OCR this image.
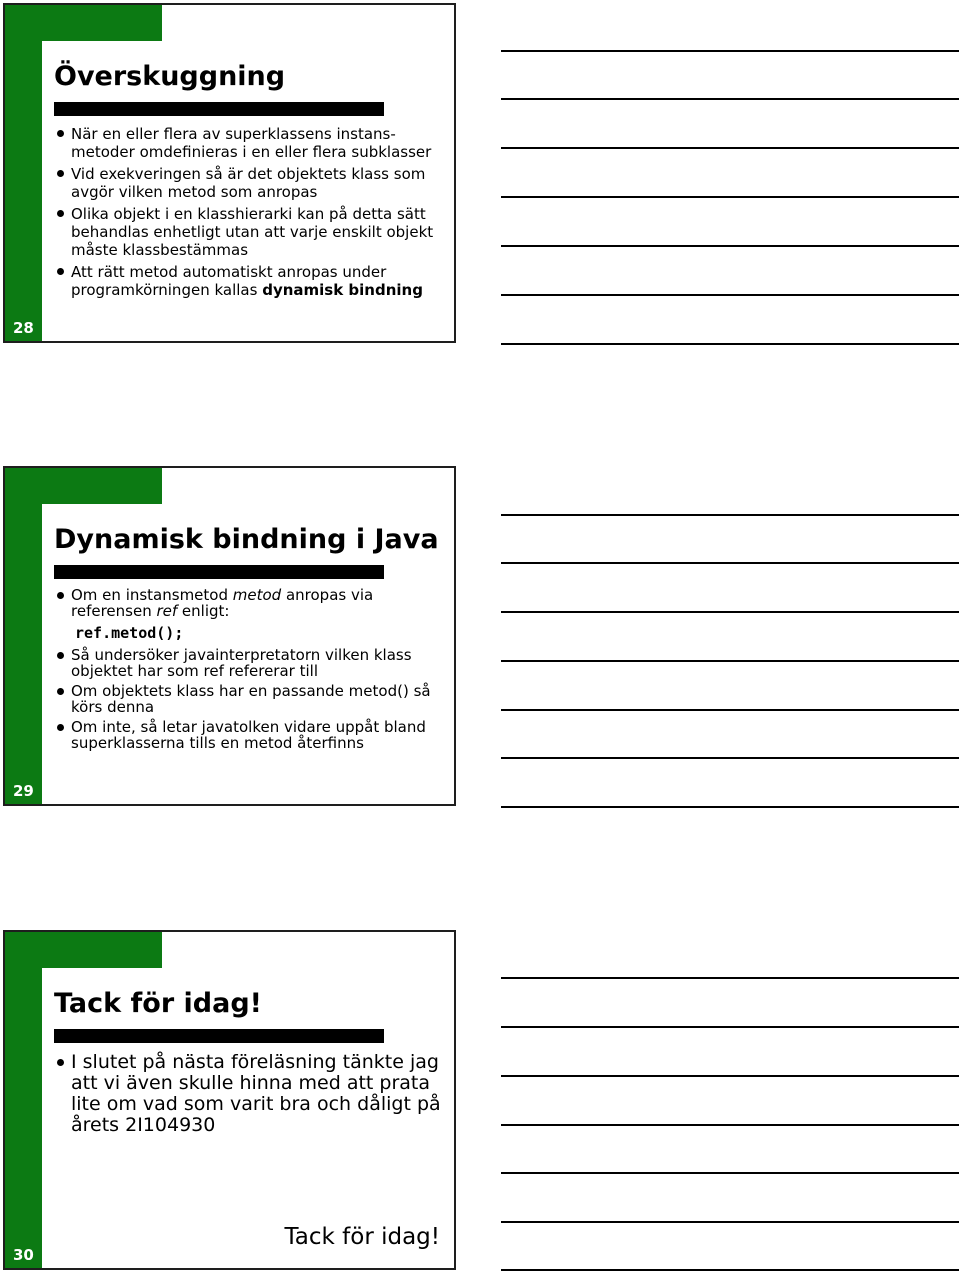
Överskuggning
När en eller flera av superklassens instans-
metoder omdefinieras i en eller flera subklasser
Vid exekveringen så är det objektets klass som
avgör vilken metod som anropas
Olika objekt i en klasshierarki kan på detta sätt
behandlas enhetligt utan att varje enskilt objekt
måste klassbestämmas
Att rätt metod automatiskt anropas under
programkörningen kallas dynamisk bindning
28
Dynamisk bindning i Java
Om en instansmetod metod anropas via
referensen ref enligt:
ref.metod();
Så undersöker javainterpretatorn vilken klass
objektet har som ref refererar till
Om objektets klass har en passande metod() så
körs denna
Om inte, så letar javatolken vidare uppåt bland
superklasserna tills en metod återfinns
29
Tack för idag!
I slutet på nästa föreläsning tänkte jag
att vi även skulle hinna med att prata
lite om vad som varit bra och dåligt på
årets 2I104930
Tack för idag!
30
